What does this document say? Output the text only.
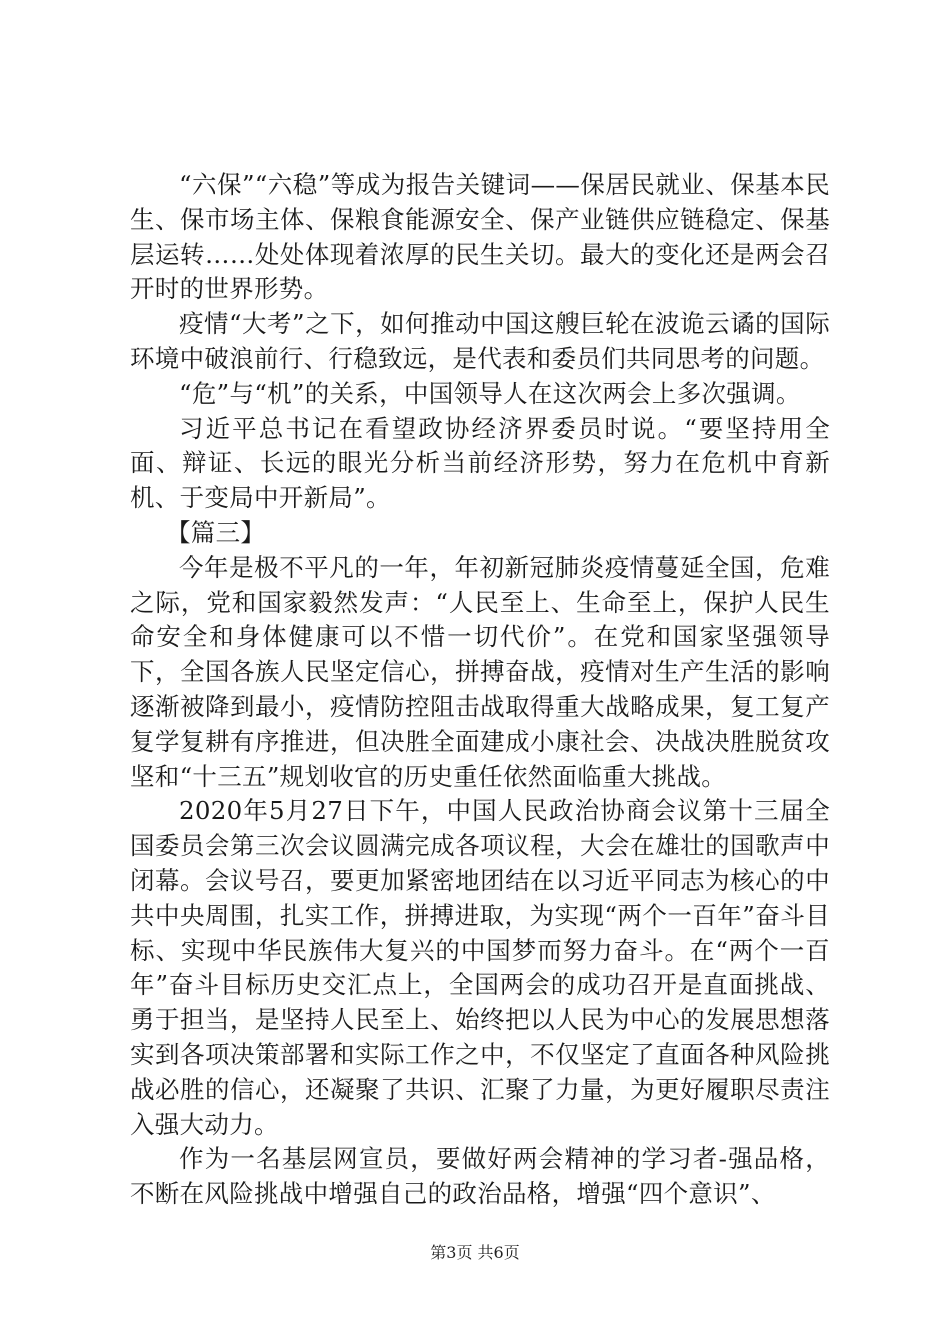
“六保”“六稳”等成为报告关键词——保居民就业、保基本民生、保市场主体、保粮食能源安全、保产业链供应链稳定、保基层运转……处处体现着浓厚的民生关切。最大的变化还是两会召开时的世界形势。

疫情“大考”之下，如何推动中国这艘巨轮在波诡云谲的国际环境中破浪前行、行稳致远，是代表和委员们共同思考的问题。

“危”与“机”的关系，中国领导人在这次两会上多次强调。

习近平总书记在看望政协经济界委员时说。“要坚持用全面、辩证、长远的眼光分析当前经济形势，努力在危机中育新机、于变局中开新局”。

【篇三】

今年是极不平凡的一年，年初新冠肺炎疫情蔓延全国，危难之际，党和国家毅然发声：“人民至上、生命至上，保护人民生命安全和身体健康可以不惜一切代价”。在党和国家坚强领导下，全国各族人民坚定信心，拼搏奋战，疫情对生产生活的影响逐渐被降到最小，疫情防控阻击战取得重大战略成果，复工复产复学复耕有序推进，但决胜全面建成小康社会、决战决胜脱贫攻坚和“十三五”规划收官的历史重任依然面临重大挑战。

2020年5月27日下午，中国人民政治协商会议第十三届全国委员会第三次会议圆满完成各项议程，大会在雄壮的国歌声中闭幕。会议号召，要更加紧密地团结在以习近平同志为核心的中共中央周围，扎实工作，拼搏进取，为实现“两个一百年”奋斗目标、实现中华民族伟大复兴的中国梦而努力奋斗。在“两个一百年”奋斗目标历史交汇点上，全国两会的成功召开是直面挑战、勇于担当，是坚持人民至上、始终把以人民为中心的发展思想落实到各项决策部署和实际工作之中，不仅坚定了直面各种风险挑战必胜的信心，还凝聚了共识、汇聚了力量，为更好履职尽责注入强大动力。

作为一名基层网宣员，要做好两会精神的学习者-强品格，不断在风险挑战中增强自己的政治品格，增强“四个意识”、

第3页 共6页
